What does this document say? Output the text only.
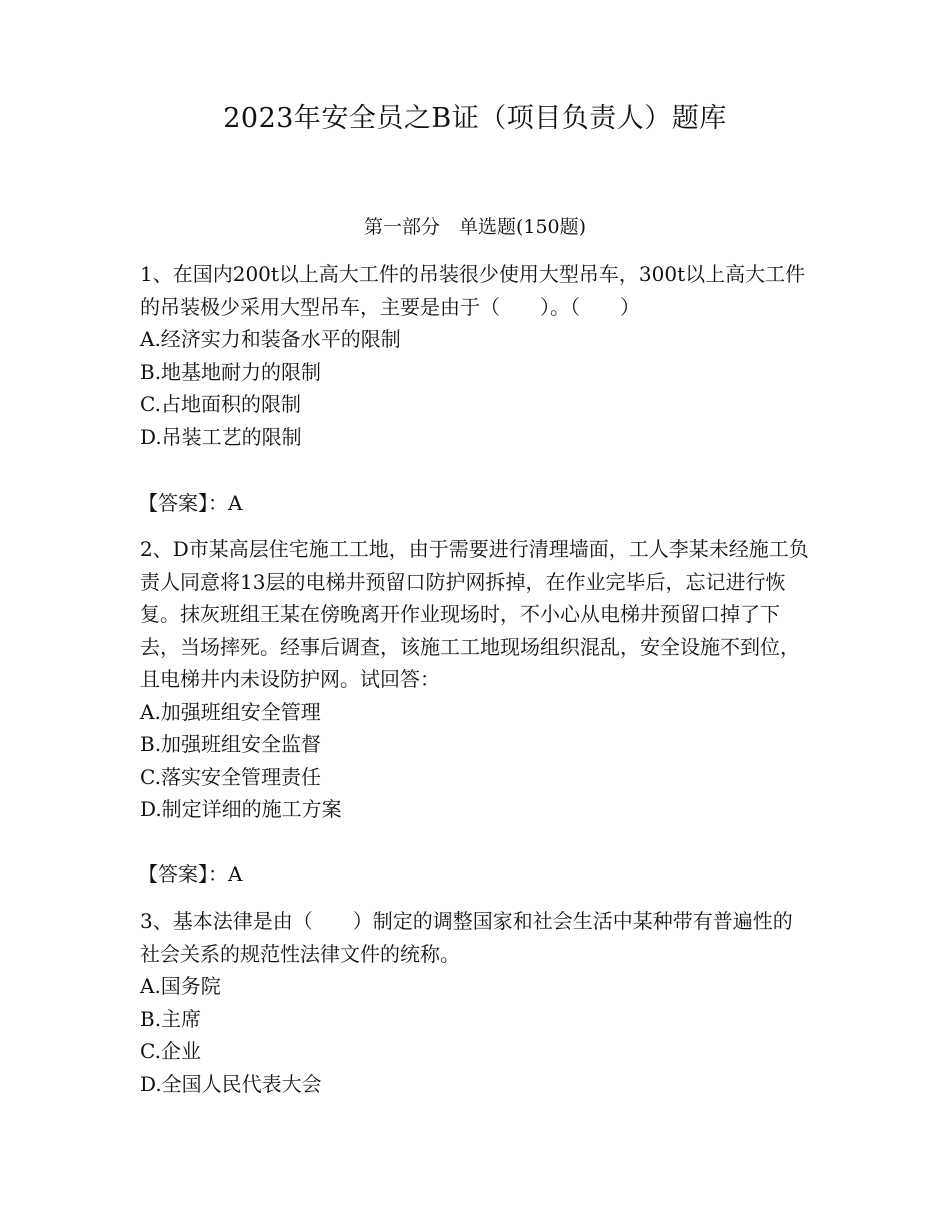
2023年安全员之B证（项目负责人）题库
第一部分　单选题(150题)

1、在国内200t以上高大工件的吊装很少使用大型吊车，300t以上高大工件的吊装极少采用大型吊车，主要是由于（　　）。（　　）

A.经济实力和装备水平的限制

B.地基地耐力的限制

C.占地面积的限制

D.吊装工艺的限制

【答案】：A

2、D市某高层住宅施工工地，由于需要进行清理墙面，工人李某未经施工负责人同意将13层的电梯井预留口防护网拆掉，在作业完毕后，忘记进行恢复。抹灰班组王某在傍晚离开作业现场时，不小心从电梯井预留口掉了下去，当场摔死。经事后调查，该施工工地现场组织混乱，安全设施不到位，且电梯井内未设防护网。试回答：

A.加强班组安全管理

B.加强班组安全监督

C.落实安全管理责任

D.制定详细的施工方案

【答案】：A

3、基本法律是由（　　）制定的调整国家和社会生活中某种带有普遍性的社会关系的规范性法律文件的统称。

A.国务院

B.主席

C.企业

D.全国人民代表大会
